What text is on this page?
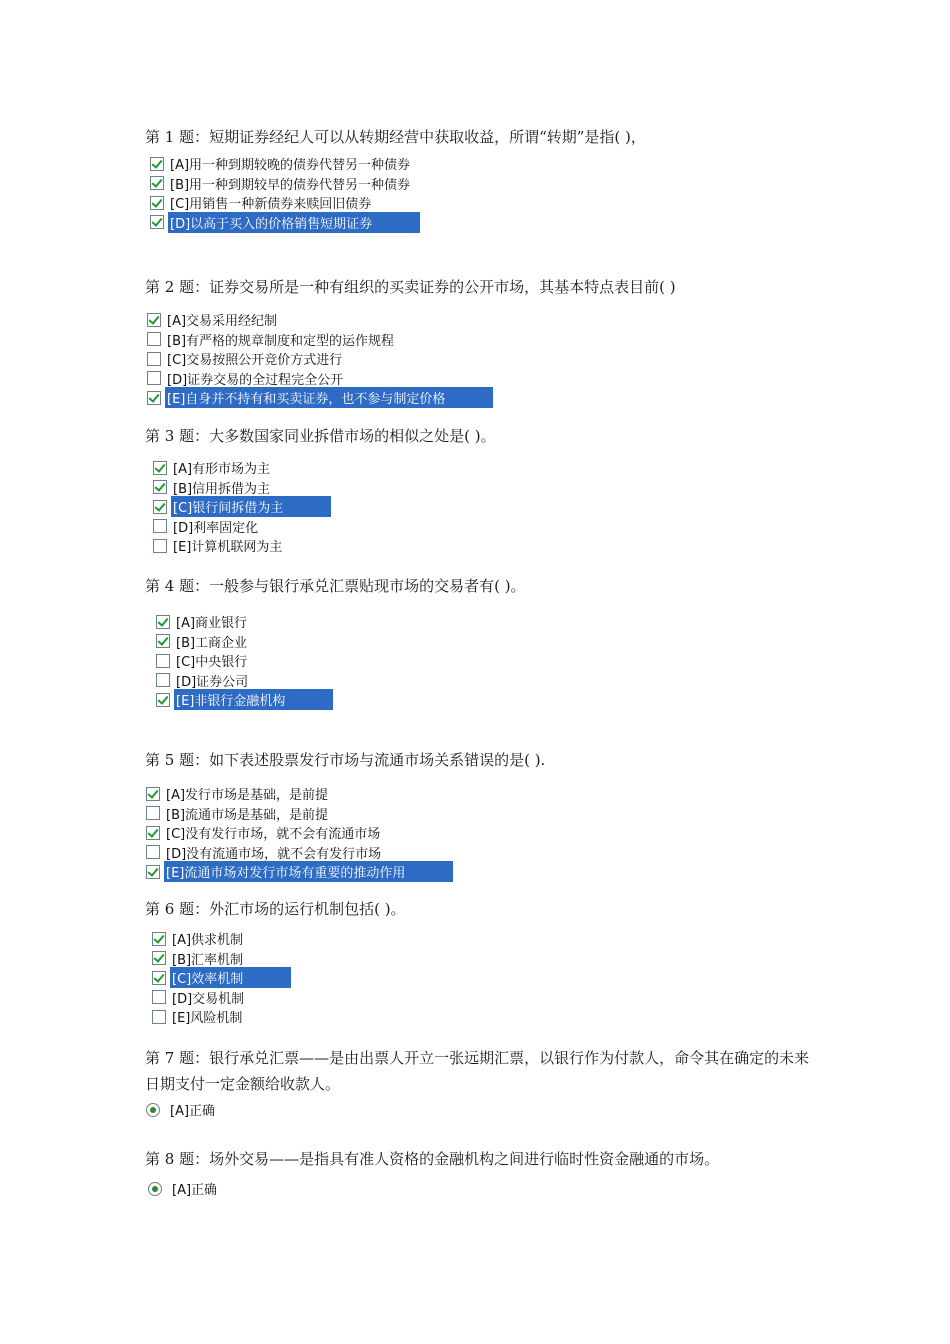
第 1 题：短期证券经纪人可以从转期经营中获取收益，所谓“转期”是指( )，

[A]用一种到期较晚的债券代替另一种债券
[B]用一种到期较早的债券代替另一种债券
[C]用销售一种新债券来赎回旧债券
[D]以高于买入的价格销售短期证券

第 2 题：证券交易所是一种有组织的买卖证券的公开市场，其基本特点表目前( )

[A]交易采用经纪制
[B]有严格的规章制度和定型的运作规程
[C]交易按照公开竞价方式进行
[D]证券交易的全过程完全公开
[E]自身并不持有和买卖证券，也不参与制定价格

第 3 题：大多数国家同业拆借市场的相似之处是( )。

[A]有形市场为主
[B]信用拆借为主
[C]银行间拆借为主
[D]利率固定化
[E]计算机联网为主

第 4 题：一般参与银行承兑汇票贴现市场的交易者有( )。

[A]商业银行
[B]工商企业
[C]中央银行
[D]证券公司
[E]非银行金融机构

第 5 题：如下表述股票发行市场与流通市场关系错误的是( ).

[A]发行市场是基础，是前提
[B]流通市场是基础，是前提
[C]没有发行市场，就不会有流通市场
[D]没有流通市场，就不会有发行市场
[E]流通市场对发行市场有重要的推动作用

第 6 题：外汇市场的运行机制包括( )。

[A]供求机制
[B]汇率机制
[C]效率机制
[D]交易机制
[E]风险机制

第 7 题：银行承兑汇票——是由出票人开立一张远期汇票，以银行作为付款人，命令其在确定的未来日期支付一定金额给收款人。

[A]正确

第 8 题：场外交易——是指具有准人资格的金融机构之间进行临时性资金融通的市场。

[A]正确
